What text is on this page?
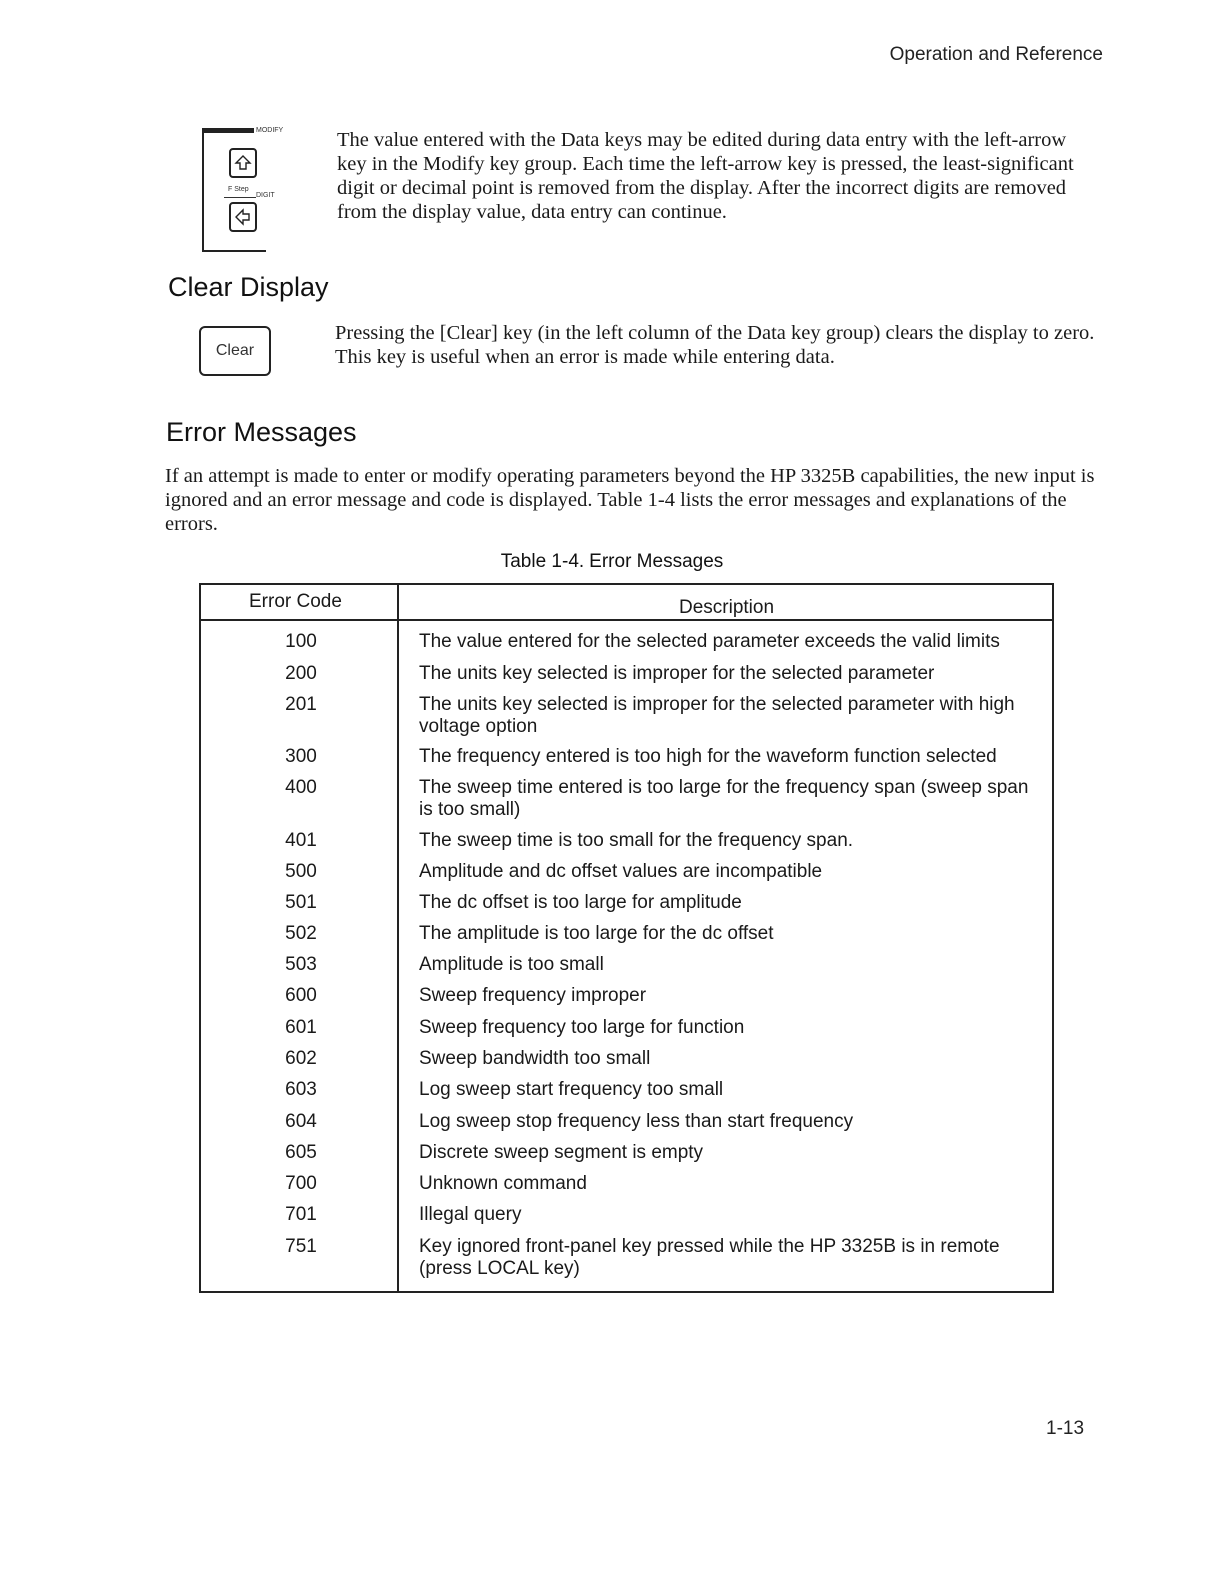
Operation and Reference
MODIFY
F Step
DIGIT
The value entered with the Data keys may be edited during data entry with the left-arrow key in the Modify key group. Each time the left-arrow key is pressed, the least-significant digit or decimal point is removed from the display. After the incorrect digits are removed from the display value, data entry can continue.
Clear Display
Clear
Pressing the [Clear] key (in the left column of the Data key group) clears the display to zero. This key is useful when an error is made while entering data.
Error Messages
If an attempt is made to enter or modify operating parameters beyond the HP 3325B capabilities, the new input is ignored and an error message and code is displayed. Table 1-4 lists the error messages and explanations of the errors.
Table 1-4. Error Messages
Error Code	Description
100	The value entered for the selected parameter exceeds the valid limits
200	The units key selected is improper for the selected parameter
201	The units key selected is improper for the selected parameter with high voltage option
300	The frequency entered is too high for the waveform function selected
400	The sweep time entered is too large for the frequency span (sweep span is too small)
401	The sweep time is too small for the frequency span.
500	Amplitude and dc offset values are incompatible
501	The dc offset is too large for amplitude
502	The amplitude is too large for the dc offset
503	Amplitude is too small
600	Sweep frequency improper
601	Sweep frequency too large for function
602	Sweep bandwidth too small
603	Log sweep start frequency too small
604	Log sweep stop frequency less than start frequency
605	Discrete sweep segment is empty
700	Unknown command
701	Illegal query
751	Key ignored front-panel key pressed while the HP 3325B is in remote (press LOCAL key)
1-13
